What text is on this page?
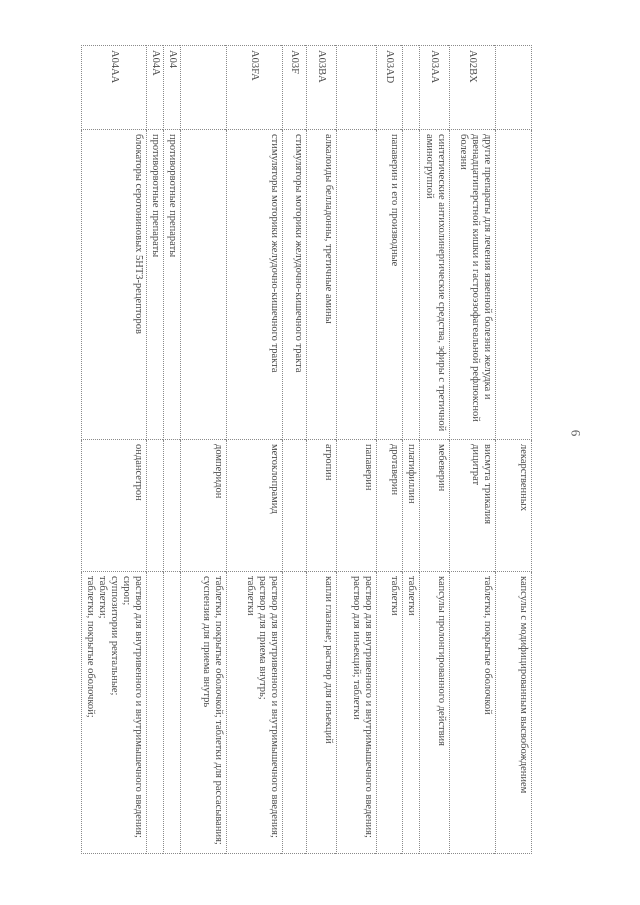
		лекарственных	капсулы с модифицированным высвобождением

A02BX	другие препараты для лечения язвенной болезни желудка и двенадцатиперстной кишки и гастроэзофагеальной рефлюксной болезни	висмута трикалия дицитрат	таблетки, покрытые оболочкой

A03AA	синтетические антихолинергические средства, эфиры с третичной аминогруппой	мебеверин	капсулы пролонгированного действия

		платифиллин	таблетки

A03AD	папаверин и его производные	дротаверин	таблетки

		папаверин	раствор для внутривенного и внутримышечного введения; раствор для инъекций; таблетки

A03BA	алкалоиды белладонны, третичные амины	атропин	капли глазные; раствор для инъекций

A03F	стимуляторы моторики желудочно-кишечного тракта		

A03FA	стимуляторы моторики желудочно-кишечного тракта	метоклопрамид	раствор для внутривенного и внутримышечного введения;
раствор для приема внутрь;
таблетки

		домперидон	таблетки, покрытые оболочкой; таблетки для рассасывания; суспензия для приема внутрь

A04	противорвотные препараты		

A04A	противорвотные препараты		

A04AA	блокаторы серотониновых 5HT3-рецепторов	ондансетрон	раствор для внутривенного и внутримышечного введения;
сироп;
суппозитории ректальные;
таблетки;
таблетки, покрытые оболочкой;
6
